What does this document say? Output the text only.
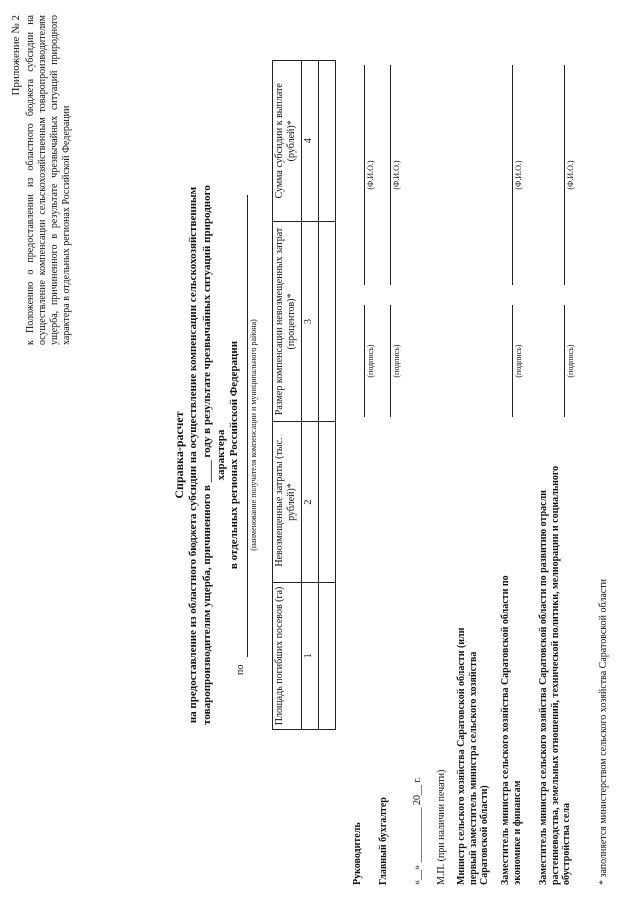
Приложение № 2 к Положению о предоставлении из областного бюджета субсидии на осуществление компенсации сельскохозяйственным товаропроизводителям ущерба, причиненного в результате чрезвычайных ситуаций природного характера в отдельных регионах Российской Федерации
Справка-расчет на предоставление из областного бюджета субсидии на осуществление компенсации сельскохозяйственным товаропроизводителям ущерба, причиненного в ____ году в результате чрезвычайных ситуаций природного характера в отдельных регионах Российской Федерации
по
(наименование получателя компенсации и муниципального района)
Площадь погибших посевов (га)	Невозмещенные затраты (тыс. рублей)*	Размер компенсации невозмещенных затрат (процентов)*	Сумма субсидии к выплате (рублей)*
1	2	3	4

Руководитель
(подпись)
(Ф.И.О.)
Главный бухгалтер
(подпись)
(Ф.И.О.)
«__» ___________ 20__ г. М.П. (при наличии печати) Министр сельского хозяйства Саратовской области (или первый заместитель министра сельского хозяйства Саратовской области) Заместитель министра сельского хозяйства Саратовской области по экономике и финансам
(подпись)
(Ф.И.О.)
Заместитель министра сельского хозяйства Саратовской области по развитию отрасли растениеводства, земельных отношений, технической политики, мелиорации и социального обустройства села
(подпись)
(Ф.И.О.)
* заполняется министерством сельского хозяйства Саратовской области
